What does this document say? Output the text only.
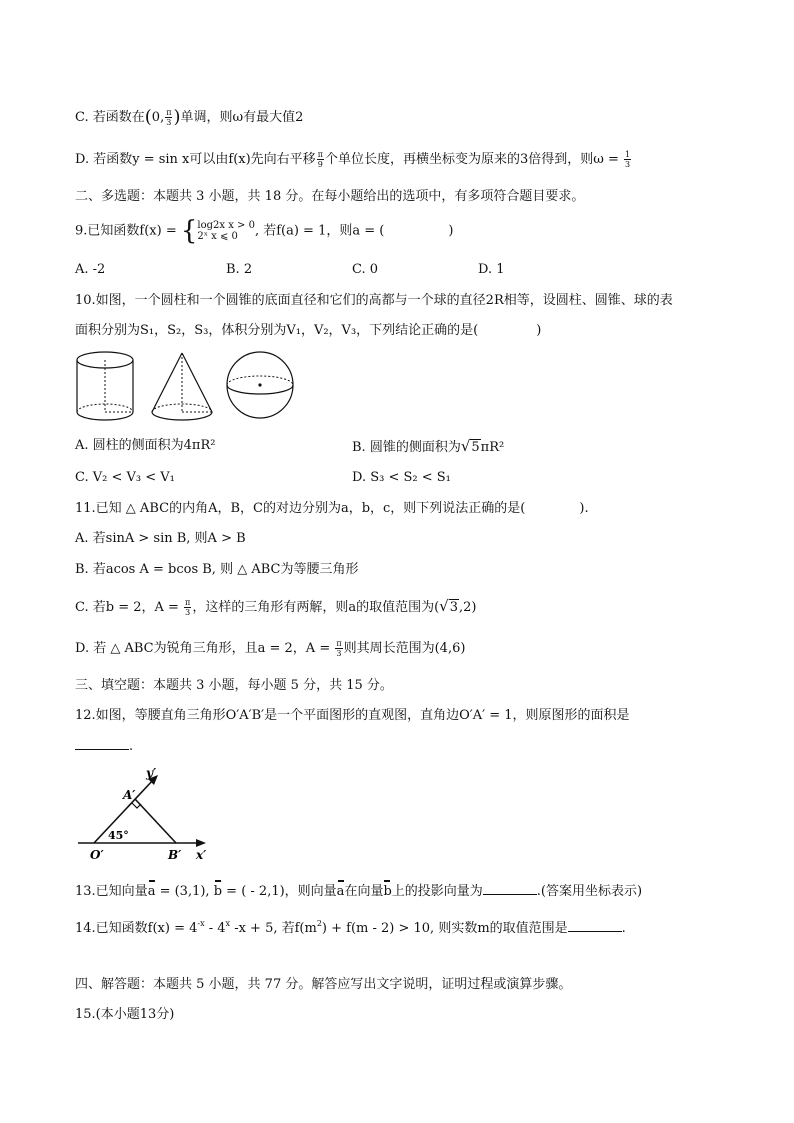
C. 若函数在(0, $\frac{\pi}{3}$ )单调，则ω有最大值2
D. 若函数y = sin x可以由f(x)先向右平移 $\frac{\pi}{9}$ 个单位长度，再横坐标变为原来的3倍得到，则$\omega = \frac{1}{3}$
二、多选题：本题共 3 小题，共 18 分。在每小题给出的选项中，有多项符合题目要求。
9.已知函数f(x) = { log2x x > 0
2ˣ x ⩽ 0	, 若f(a) = 1，则a = (	)
A. -2	B. 2	C. 0	D. 1
10.如图，一个圆柱和一个圆锥的底面直径和它们的高都与一个球的直径2R相等，设圆柱、圆锥、球的表
面积分别为S₁，S₂，S₃，体积分别为V₁，V₂，V₃，下列结论正确的是(	)
A. 圆柱的侧面积为4πR²	B. 圆锥的侧面积为√5πR²
C. V₂ < V₃ < V₁	D. S₃ < S₂ < S₁
11.已知 △ ABC的内角A，B，C的对边分别为a，b，c，则下列说法正确的是(	).
A. 若sinA > sin B, 则A > B
B. 若acos A = bcos B, 则 △ ABC为等腰三角形
C. 若b = 2，$A = \frac{\pi}{3}$ ，这样的三角形有两解，则a的取值范围为(√3,2)
D. 若 △ ABC为锐角三角形，且a = 2，$A = \frac{\pi}{3}$ 则其周长范围为(4,6)
三、填空题：本题共 3 小题，每小题 5 分，共 15 分。
12.如图，等腰直角三角形O′A′B′是一个平面图形的直观图，直角边O′A′ = 1，则原图形的面积是
.
y′
A′
45°
O′	B′ x′
13.已知向量a = (3,1), b = ( - 2,1)，则向量a在向量b上的投影向量为	.(答案用坐标表示)
14.已知函数$f(x) = 4^{-x} - 4^x$ -x + 5, 若$f(m^2) + f(m - 2) > 10$, 则实数m的取值范围是	.
四、解答题：本题共 5 小题，共 77 分。解答应写出文字说明，证明过程或演算步骤。
15.(本小题13分)
